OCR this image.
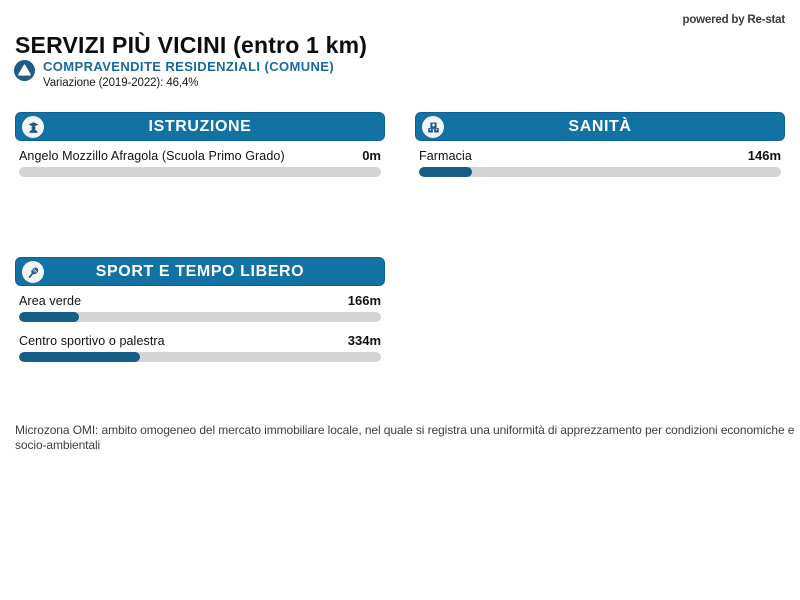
SERVIZI PIÙ VICINI (entro 1 km)
powered by Re-stat
COMPRAVENDITE RESIDENZIALI (COMUNE)
Variazione (2019-2022): 46,4%
ISTRUZIONE
Angelo Mozzillo Afragola (Scuola Primo Grado)	0m
SANITÀ
Farmacia	146m
SPORT E TEMPO LIBERO
Area verde	166m
Centro sportivo o palestra	334m

Microzona OMI: ambito omogeneo del mercato immobiliare locale, nel quale si registra una uniformità di apprezzamento per condizioni economiche e socio-ambientali
